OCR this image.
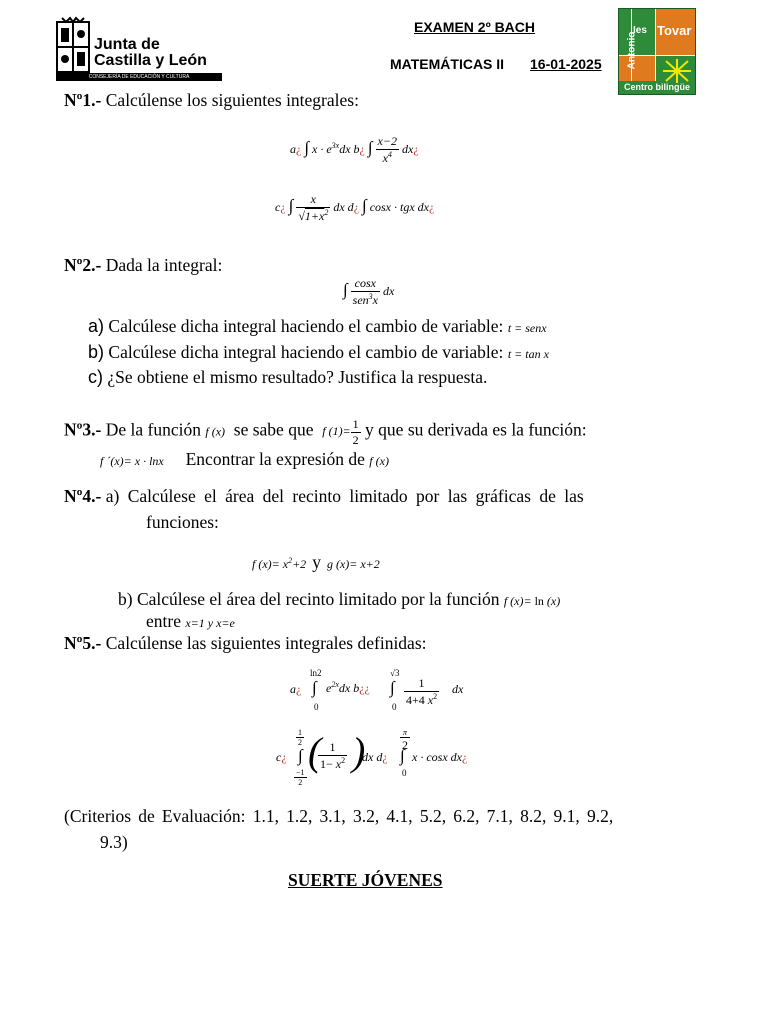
Junta de
Castilla y León
CONSEJERÍA DE EDUCACIÓN Y CULTURA
EXAMEN 2º BACH
MATEMÁTICAS II 16-01-2025
Ies Tovar
Antonio
Centro bilingüe
Nº1.- Calcúlense los siguientes integrales:
a¿ ∫ $x \cdot e^{3x}dx$ b¿ ∫ $\frac{x-2}{x^4}$ dx¿
c¿ ∫ $\frac{x}{√1+x^2}$ dx d¿ ∫ cosx · tgx dx¿
Nº2.- Dada la integral:
∫ $\frac{\cos x}{sen^3x}$ dx
a) Calcúlese dicha integral haciendo el cambio de variable: t = senx
b) Calcúlese dicha integral haciendo el cambio de variable: t = tan x
c) ¿Se obtiene el mismo resultado? Justifica la respuesta.
Nº3.- De la función f (x) se sabe que f $(1)= \frac{1}{2}$ y que su derivada es la función:
f ´(x)= x · lnx Encontrar la expresión de f (x)
Nº4.- a) Calcúlese el área del recinto limitado por las gráficas de las
funciones:
f $(x)= x^2+2$  y  g (x)= x+2
b) Calcúlese el área del recinto limitado por la función f (x)= ln (x)
entre x=1 y x=e
Nº5.- Calcúlense las siguientes integrales definidas:
a¿
ln2
∫
0
$e^{2x}dx$ b¿¿
√3
∫
$0 \frac{1}{4+4 x^2}$ dx
c¿
$\frac{1}{2}$
∫
$\frac{-1}{2}$
(
$\frac{1}{1- x^2}$ )
dx d¿
π
2
∫
0
x · cosx dx¿
(Criterios de Evaluación: 1.1, 1.2, 3.1, 3.2, 4.1, 5.2, 6.2, 7.1, 8.2, 9.1, 9.2,
9.3)
SUERTE JÓVENES
